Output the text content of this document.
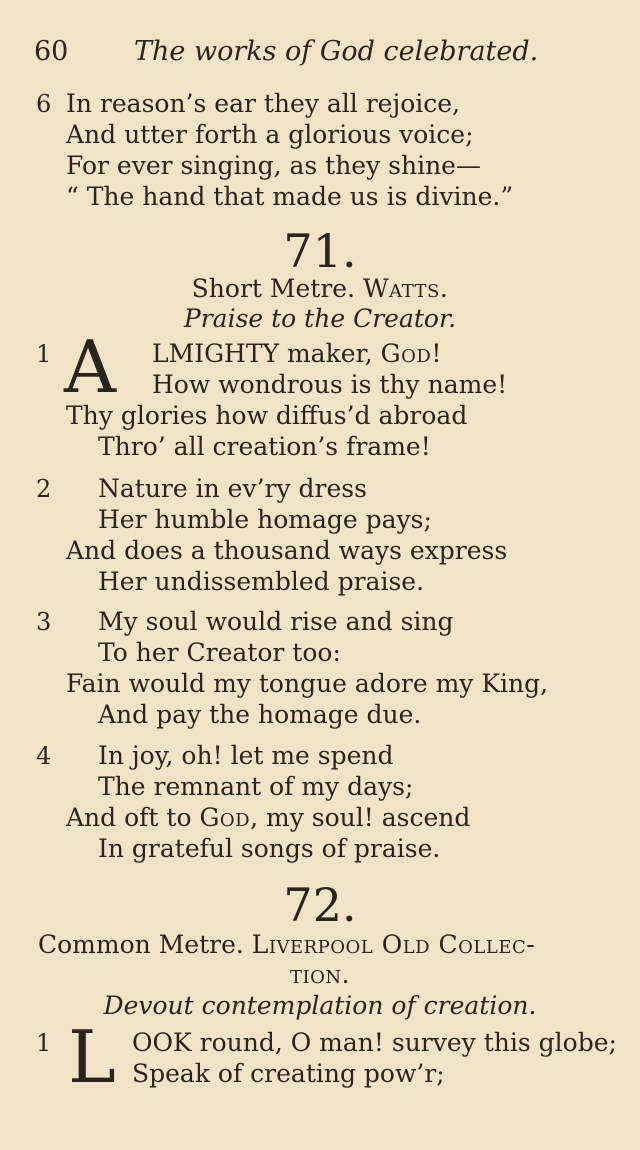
60 The works of God celebrated.
6 In reason’s ear they all rejoice,
And utter forth a glorious voice;
For ever singing, as they shine—
“ The hand that made us is divine.”
71.
Short Metre. Watts.
Praise to the Creator.
1 A LMIGHTY maker, God!
How wondrous is thy name!
Thy glories how diffus’d abroad
Thro’ all creation’s frame!
2 Nature in ev’ry dress
Her humble homage pays;
And does a thousand ways express
Her undissembled praise.
3 My soul would rise and sing
To her Creator too:
Fain would my tongue adore my King,
And pay the homage due.
4 In joy, oh! let me spend
The remnant of my days;
And oft to God, my soul! ascend
In grateful songs of praise.
72.
Common Metre. Liverpool Old Collec-
tion.
Devout contemplation of creation.
1 L OOK round, O man! survey this globe;
Speak of creating pow’r;
